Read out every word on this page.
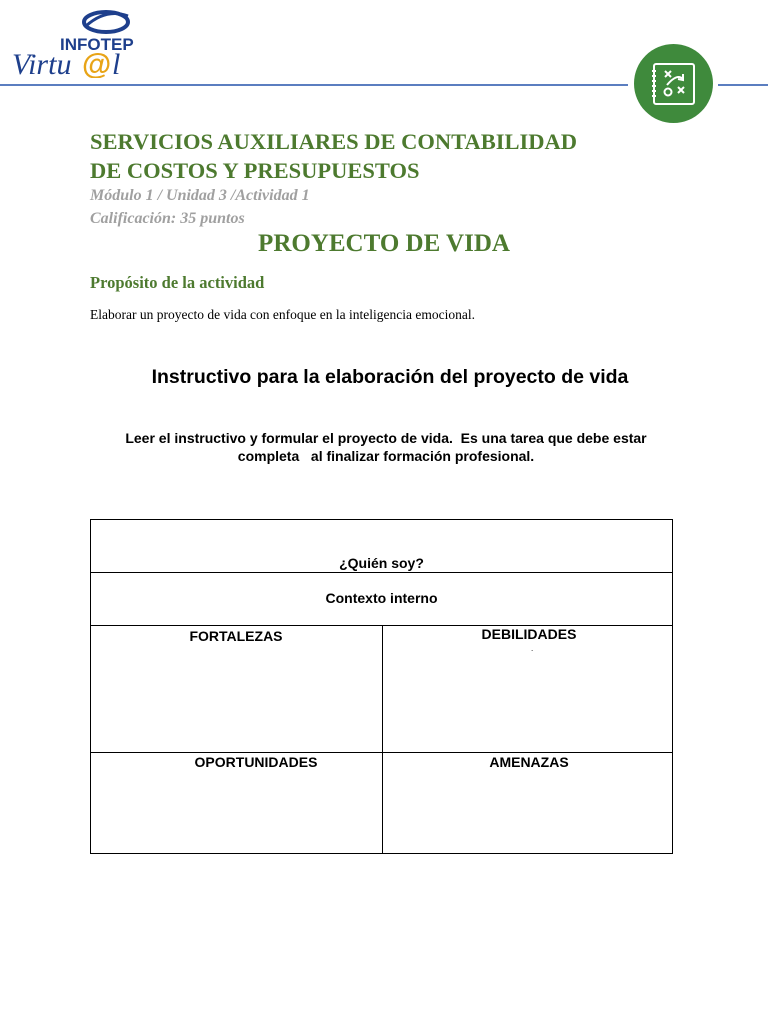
INFOTEP
Virtu @ l
SERVICIOS AUXILIARES DE CONTABILIDAD
DE COSTOS Y PRESUPUESTOS
Módulo 1 / Unidad 3 /Actividad 1
Calificación: 35 puntos
PROYECTO DE VIDA
Propósito de la actividad
Elaborar un proyecto de vida con enfoque en la inteligencia emocional.
Instructivo para la elaboración del proyecto de vida
Leer el instructivo y formular el proyecto de vida.  Es una tarea que debe estar
completa   al finalizar formación profesional.
¿Quién soy?
Contexto interno
FORTALEZAS	DEBILIDADES
.
OPORTUNIDADES	AMENAZAS
